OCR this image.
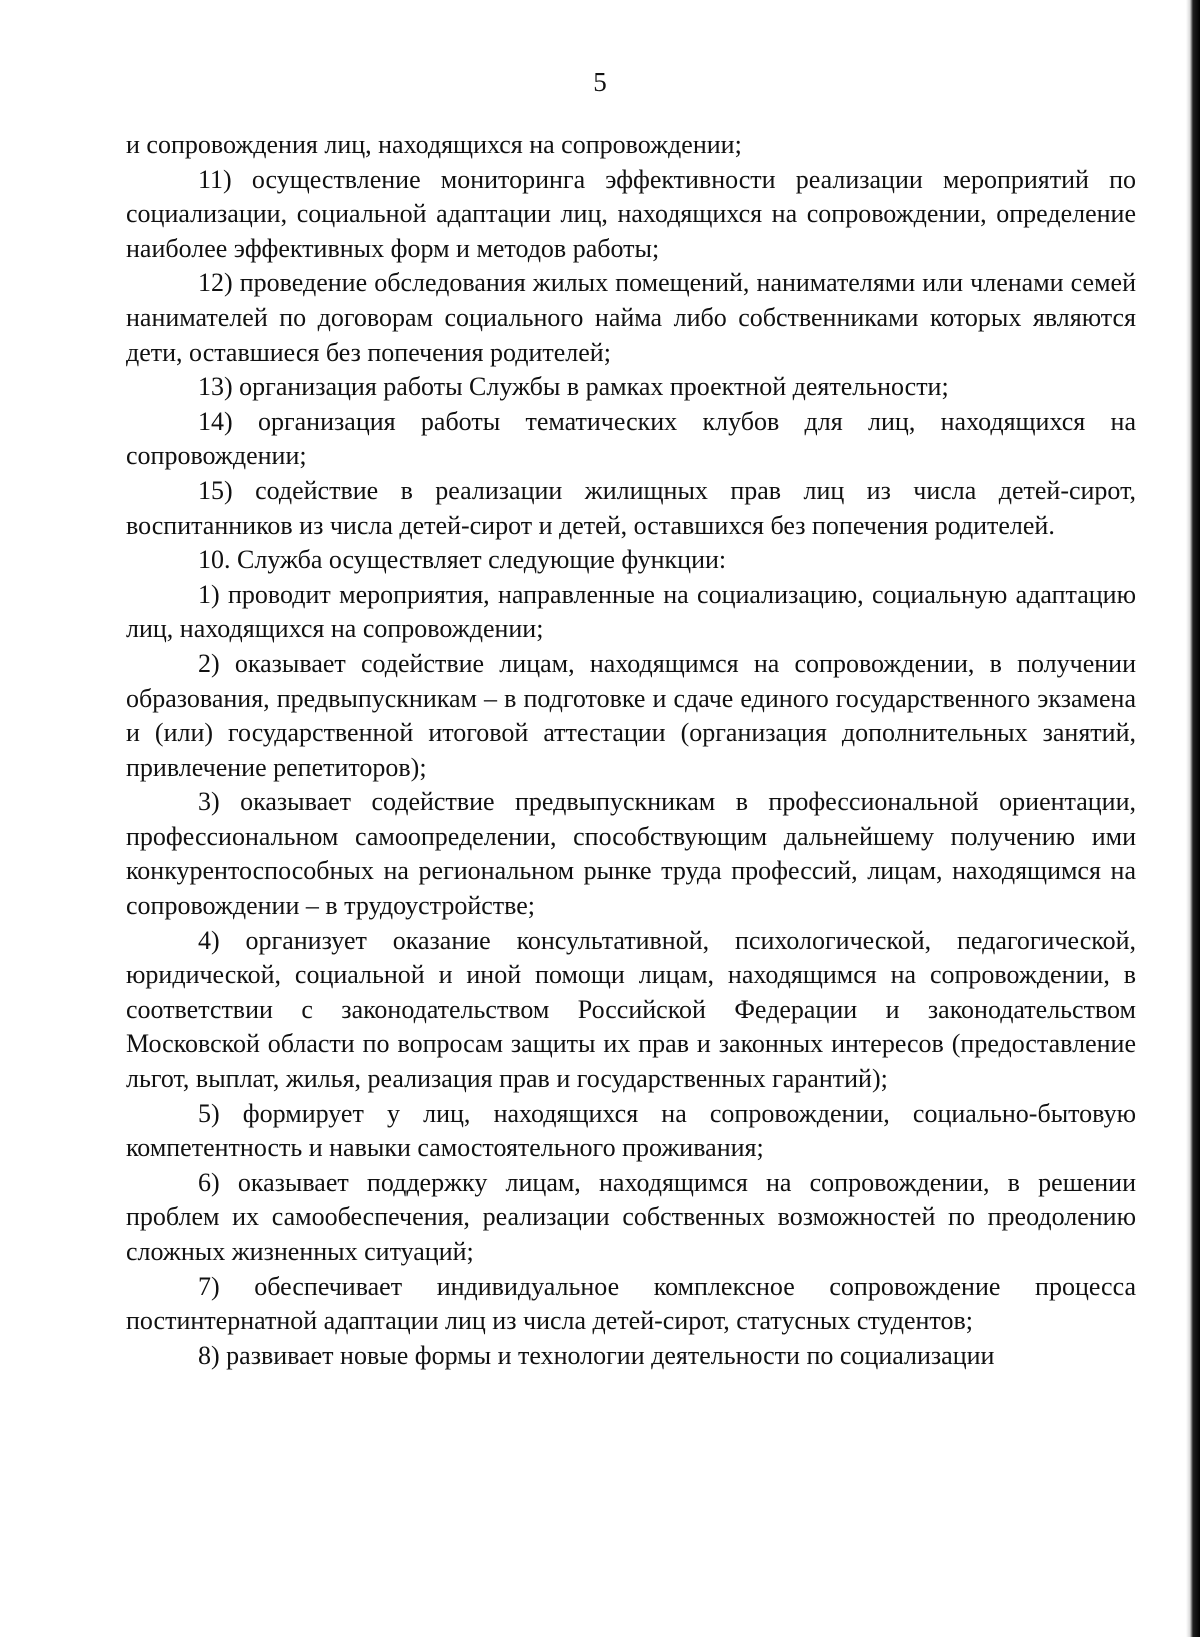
5

и сопровождения лиц, находящихся на сопровождении;

11) осуществление мониторинга эффективности реализации мероприятий по социализации, социальной адаптации лиц, находящихся на сопровождении, определение наиболее эффективных форм и методов работы;

12) проведение обследования жилых помещений, нанимателями или членами семей нанимателей по договорам социального найма либо собственниками которых являются дети, оставшиеся без попечения родителей;

13) организация работы Службы в рамках проектной деятельности;

14) организация работы тематических клубов для лиц, находящихся на сопровождении;

15) содействие в реализации жилищных прав лиц из числа детей-сирот, воспитанников из числа детей-сирот и детей, оставшихся без попечения родителей.

10. Служба осуществляет следующие функции:

1) проводит мероприятия, направленные на социализацию, социальную адаптацию лиц, находящихся на сопровождении;

2) оказывает содействие лицам, находящимся на сопровождении, в получении образования, предвыпускникам – в подготовке и сдаче единого государственного экзамена и (или) государственной итоговой аттестации (организация дополнительных занятий, привлечение репетиторов);

3) оказывает содействие предвыпускникам в профессиональной ориентации, профессиональном самоопределении, способствующим дальнейшему получению ими конкурентоспособных на региональном рынке труда профессий, лицам, находящимся на сопровождении – в трудоустройстве;

4) организует оказание консультативной, психологической, педагогической, юридической, социальной и иной помощи лицам, находящимся на сопровождении, в соответствии с законодательством Российской Федерации и законодательством Московской области по вопросам защиты их прав и законных интересов (предоставление льгот, выплат, жилья, реализация прав и государственных гарантий);

5) формирует у лиц, находящихся на сопровождении, социально-бытовую компетентность и навыки самостоятельного проживания;

6) оказывает поддержку лицам, находящимся на сопровождении, в решении проблем их самообеспечения, реализации собственных возможностей по преодолению сложных жизненных ситуаций;

7) обеспечивает индивидуальное комплексное сопровождение процесса постинтернатной адаптации лиц из числа детей-сирот, статусных студентов;

8) развивает новые формы и технологии деятельности по социализации
